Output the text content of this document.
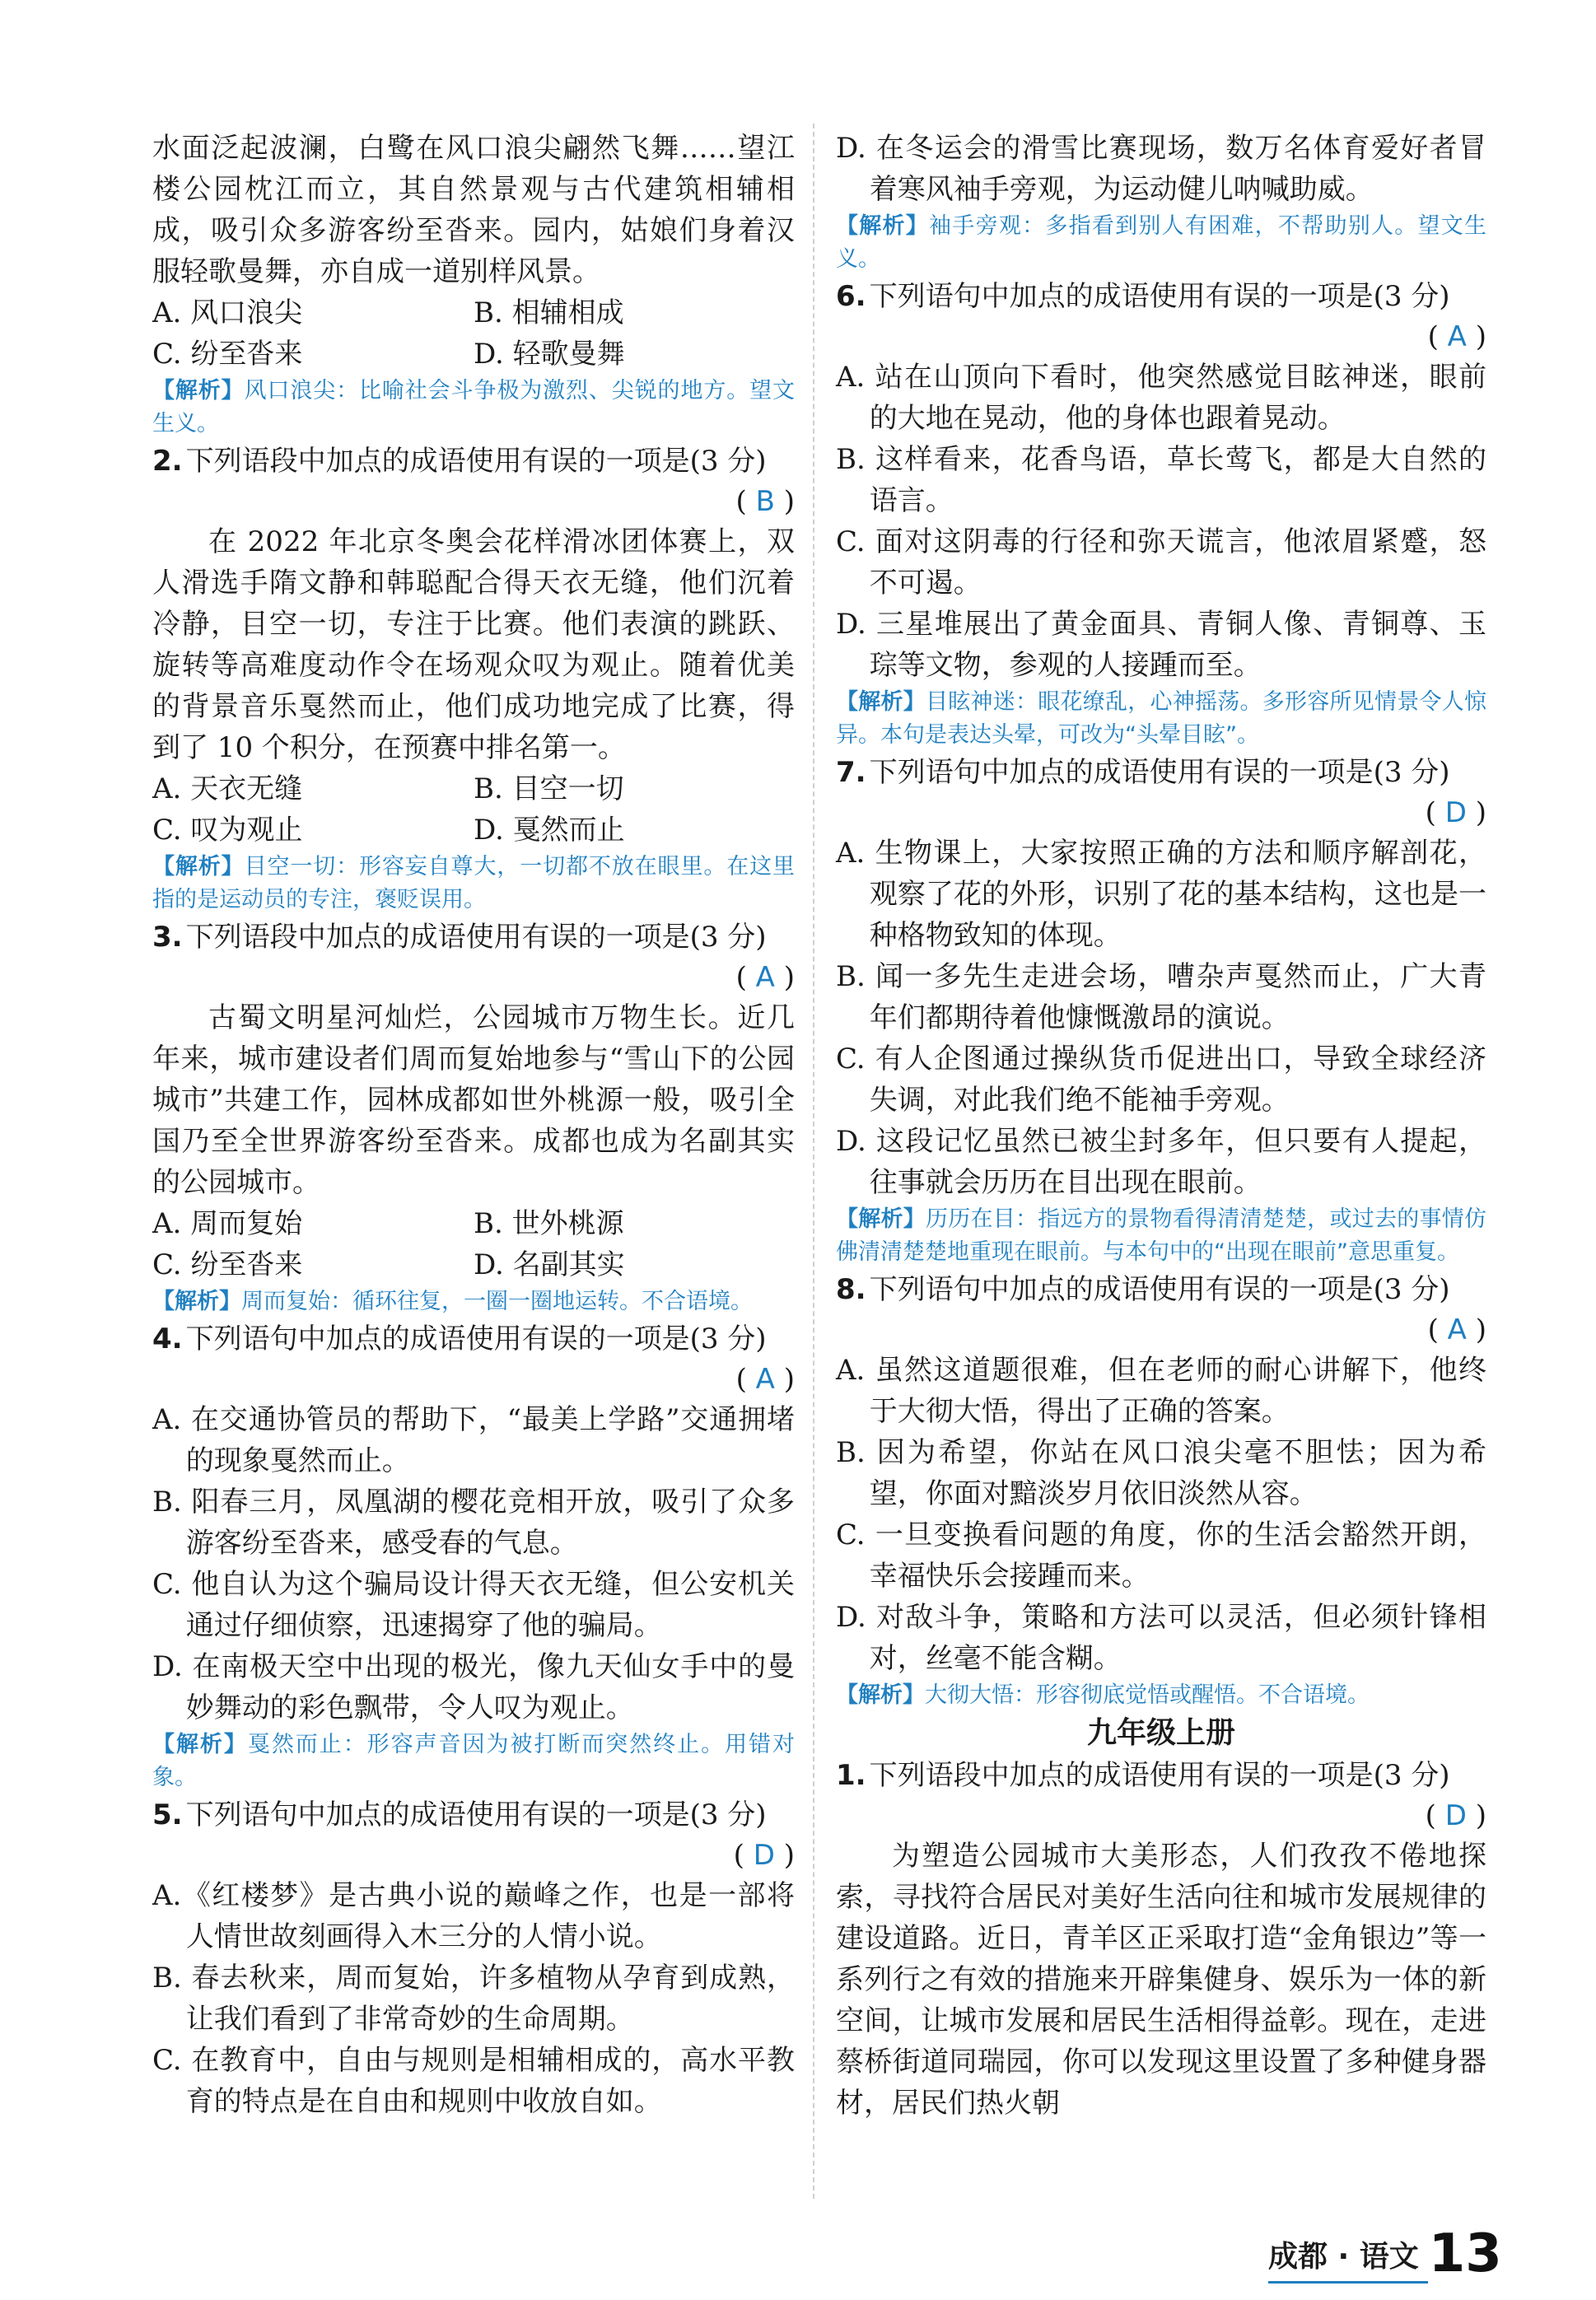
水面泛起波澜，白鹭在风口浪尖翩然飞舞……望江楼公园枕江而立，其自然景观与古代建筑相辅相成，吸引众多游客纷至沓来。园内，姑娘们身着汉服轻歌曼舞，亦自成一道别样风景。
A. 风口浪尖	B. 相辅相成
C. 纷至沓来	D. 轻歌曼舞
【解析】风口浪尖：比喻社会斗争极为激烈、尖锐的地方。望文生义。
2. 下列语段中加点的成语使用有误的一项是(3 分)
( B )
在 2022 年北京冬奥会花样滑冰团体赛上，双人滑选手隋文静和韩聪配合得天衣无缝，他们沉着冷静，目空一切，专注于比赛。他们表演的跳跃、旋转等高难度动作令在场观众叹为观止。随着优美的背景音乐戛然而止，他们成功地完成了比赛，得到了 10 个积分，在预赛中排名第一。
A. 天衣无缝	B. 目空一切
C. 叹为观止	D. 戛然而止
【解析】目空一切：形容妄自尊大，一切都不放在眼里。在这里指的是运动员的专注，褒贬误用。
3. 下列语段中加点的成语使用有误的一项是(3 分)
( A )
古蜀文明星河灿烂，公园城市万物生长。近几年来，城市建设者们周而复始地参与“雪山下的公园城市”共建工作，园林成都如世外桃源一般，吸引全国乃至全世界游客纷至沓来。成都也成为名副其实的公园城市。
A. 周而复始	B. 世外桃源
C. 纷至沓来	D. 名副其实
【解析】周而复始：循环往复，一圈一圈地运转。不合语境。
4. 下列语句中加点的成语使用有误的一项是(3 分)
( A )
A. 在交通协管员的帮助下，“最美上学路”交通拥堵的现象戛然而止。
B. 阳春三月，凤凰湖的樱花竞相开放，吸引了众多游客纷至沓来，感受春的气息。
C. 他自认为这个骗局设计得天衣无缝，但公安机关通过仔细侦察，迅速揭穿了他的骗局。
D. 在南极天空中出现的极光，像九天仙女手中的曼妙舞动的彩色飘带，令人叹为观止。
【解析】戛然而止：形容声音因为被打断而突然终止。用错对象。
5. 下列语句中加点的成语使用有误的一项是(3 分)
( D )
A.《红楼梦》是古典小说的巅峰之作，也是一部将人情世故刻画得入木三分的人情小说。
B. 春去秋来，周而复始，许多植物从孕育到成熟，让我们看到了非常奇妙的生命周期。
C. 在教育中，自由与规则是相辅相成的，高水平教育的特点是在自由和规则中收放自如。
D. 在冬运会的滑雪比赛现场，数万名体育爱好者冒着寒风袖手旁观，为运动健儿呐喊助威。
【解析】袖手旁观：多指看到别人有困难，不帮助别人。望文生义。
6. 下列语句中加点的成语使用有误的一项是(3 分)
( A )
A. 站在山顶向下看时，他突然感觉目眩神迷，眼前的大地在晃动，他的身体也跟着晃动。
B. 这样看来，花香鸟语，草长莺飞，都是大自然的语言。
C. 面对这阴毒的行径和弥天谎言，他浓眉紧蹙，怒不可遏。
D. 三星堆展出了黄金面具、青铜人像、青铜尊、玉琮等文物，参观的人接踵而至。
【解析】目眩神迷：眼花缭乱，心神摇荡。多形容所见情景令人惊异。本句是表达头晕，可改为“头晕目眩”。
7. 下列语句中加点的成语使用有误的一项是(3 分)
( D )
A. 生物课上，大家按照正确的方法和顺序解剖花，观察了花的外形，识别了花的基本结构，这也是一种格物致知的体现。
B. 闻一多先生走进会场，嘈杂声戛然而止，广大青年们都期待着他慷慨激昂的演说。
C. 有人企图通过操纵货币促进出口，导致全球经济失调，对此我们绝不能袖手旁观。
D. 这段记忆虽然已被尘封多年，但只要有人提起，往事就会历历在目出现在眼前。
【解析】历历在目：指远方的景物看得清清楚楚，或过去的事情仿佛清清楚楚地重现在眼前。与本句中的“出现在眼前”意思重复。
8. 下列语句中加点的成语使用有误的一项是(3 分)
( A )
A. 虽然这道题很难，但在老师的耐心讲解下，他终于大彻大悟，得出了正确的答案。
B. 因为希望，你站在风口浪尖毫不胆怯；因为希望，你面对黯淡岁月依旧淡然从容。
C. 一旦变换看问题的角度，你的生活会豁然开朗，幸福快乐会接踵而来。
D. 对敌斗争，策略和方法可以灵活，但必须针锋相对，丝毫不能含糊。
【解析】大彻大悟：形容彻底觉悟或醒悟。不合语境。
九年级上册
1. 下列语段中加点的成语使用有误的一项是(3 分)
( D )
为塑造公园城市大美形态，人们孜孜不倦地探索，寻找符合居民对美好生活向往和城市发展规律的建设道路。近日，青羊区正采取打造“金角银边”等一系列行之有效的措施来开辟集健身、娱乐为一体的新空间，让城市发展和居民生活相得益彰。现在，走进蔡桥街道同瑞园，你可以发现这里设置了多种健身器材，居民们热火朝
成都 · 语文 13
